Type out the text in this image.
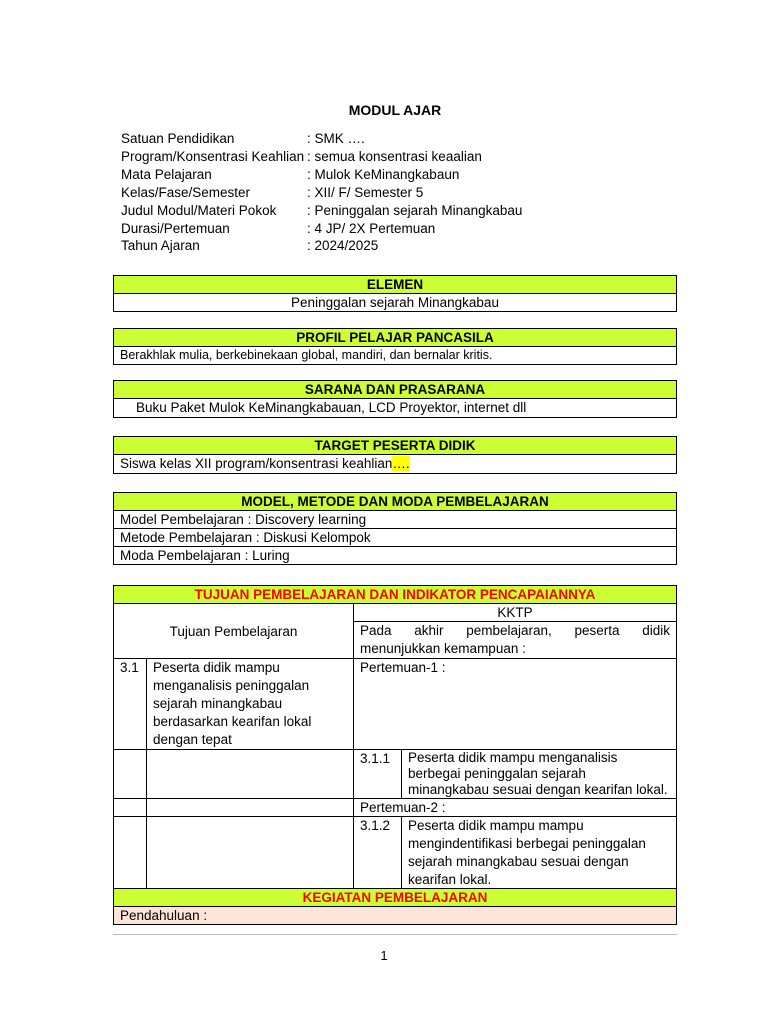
MODUL AJAR
Satuan Pendidikan	: SMK ….
Program/Konsentrasi Keahlian	: semua konsentrasi keaalian
Mata Pelajaran	: Mulok KeMinangkabaun
Kelas/Fase/Semester	: XII/ F/ Semester 5
Judul Modul/Materi Pokok	: Peninggalan sejarah Minangkabau
Durasi/Pertemuan	: 4 JP/ 2X Pertemuan
Tahun Ajaran	: 2024/2025
ELEMEN
Peninggalan sejarah Minangkabau
PROFIL PELAJAR PANCASILA
Berakhlak mulia, berkebinekaan global, mandiri, dan bernalar kritis.
SARANA DAN PRASARANA
Buku Paket Mulok KeMinangkabauan, LCD Proyektor, internet dll
TARGET PESERTA DIDIK
Siswa kelas XII program/konsentrasi keahlian….
MODEL, METODE DAN MODA PEMBELAJARAN
Model Pembelajaran : Discovery learning
Metode Pembelajaran : Diskusi Kelompok
Moda Pembelajaran : Luring
TUJUAN PEMBELAJARAN DAN INDIKATOR PENCAPAIANNYA			
Tujuan Pembelajaran		KKTP	
		Pada akhir pembelajaran, peserta didik menunjukkan kemampuan :	
3.1	Peserta didik mampu menganalisis peninggalan sejarah minangkabau berdasarkan kearifan lokal dengan tepat	Pertemuan-1 :	
		3.1.1	Peserta didik mampu menganalisis berbegai peninggalan sejarah minangkabau sesuai dengan kearifan lokal.
		Pertemuan-2 :	
		3.1.2	Peserta didik mampu mampu mengindentifikasi berbegai peninggalan sejarah minangkabau sesuai dengan kearifan lokal.
KEGIATAN PEMBELAJARAN
Pendahuluan :
1
